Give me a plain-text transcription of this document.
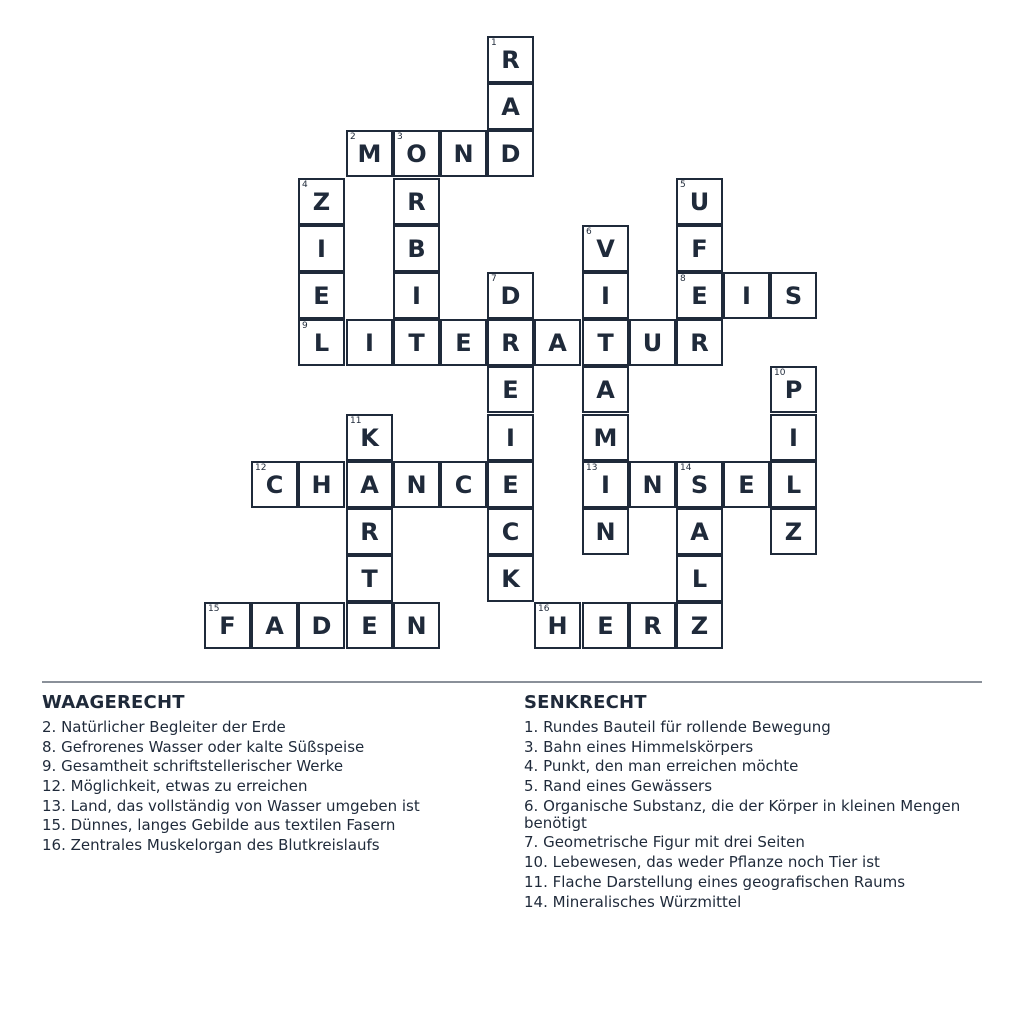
1
R
A
2
M
3
O	N	D
4
Z	R
5
U
I	B
6
V	F
E	I
7
D	I
8
E	I	S
9
L	I	T	E	R	A	T	U	R
E	A
10
P
11
K	I	M	I
12
C	H	A	N	C	E
13
I	N
14
S	E	L
R	C	N	A	Z
T	K	L
15
F	A	D	E	N
16
H	E	R	Z
WAAGERECHT
2. Natürlicher Begleiter der Erde
8. Gefrorenes Wasser oder kalte Süßspeise
9. Gesamtheit schriftstellerischer Werke
12. Möglichkeit, etwas zu erreichen
13. Land, das vollständig von Wasser umgeben ist
15. Dünnes, langes Gebilde aus textilen Fasern
16. Zentrales Muskelorgan des Blutkreislaufs
SENKRECHT
1. Rundes Bauteil für rollende Bewegung
3. Bahn eines Himmelskörpers
4. Punkt, den man erreichen möchte
5. Rand eines Gewässers
6. Organische Substanz, die der Körper in kleinen Mengen benötigt
7. Geometrische Figur mit drei Seiten
10. Lebewesen, das weder Pflanze noch Tier ist
11. Flache Darstellung eines geografischen Raums
14. Mineralisches Würzmittel
